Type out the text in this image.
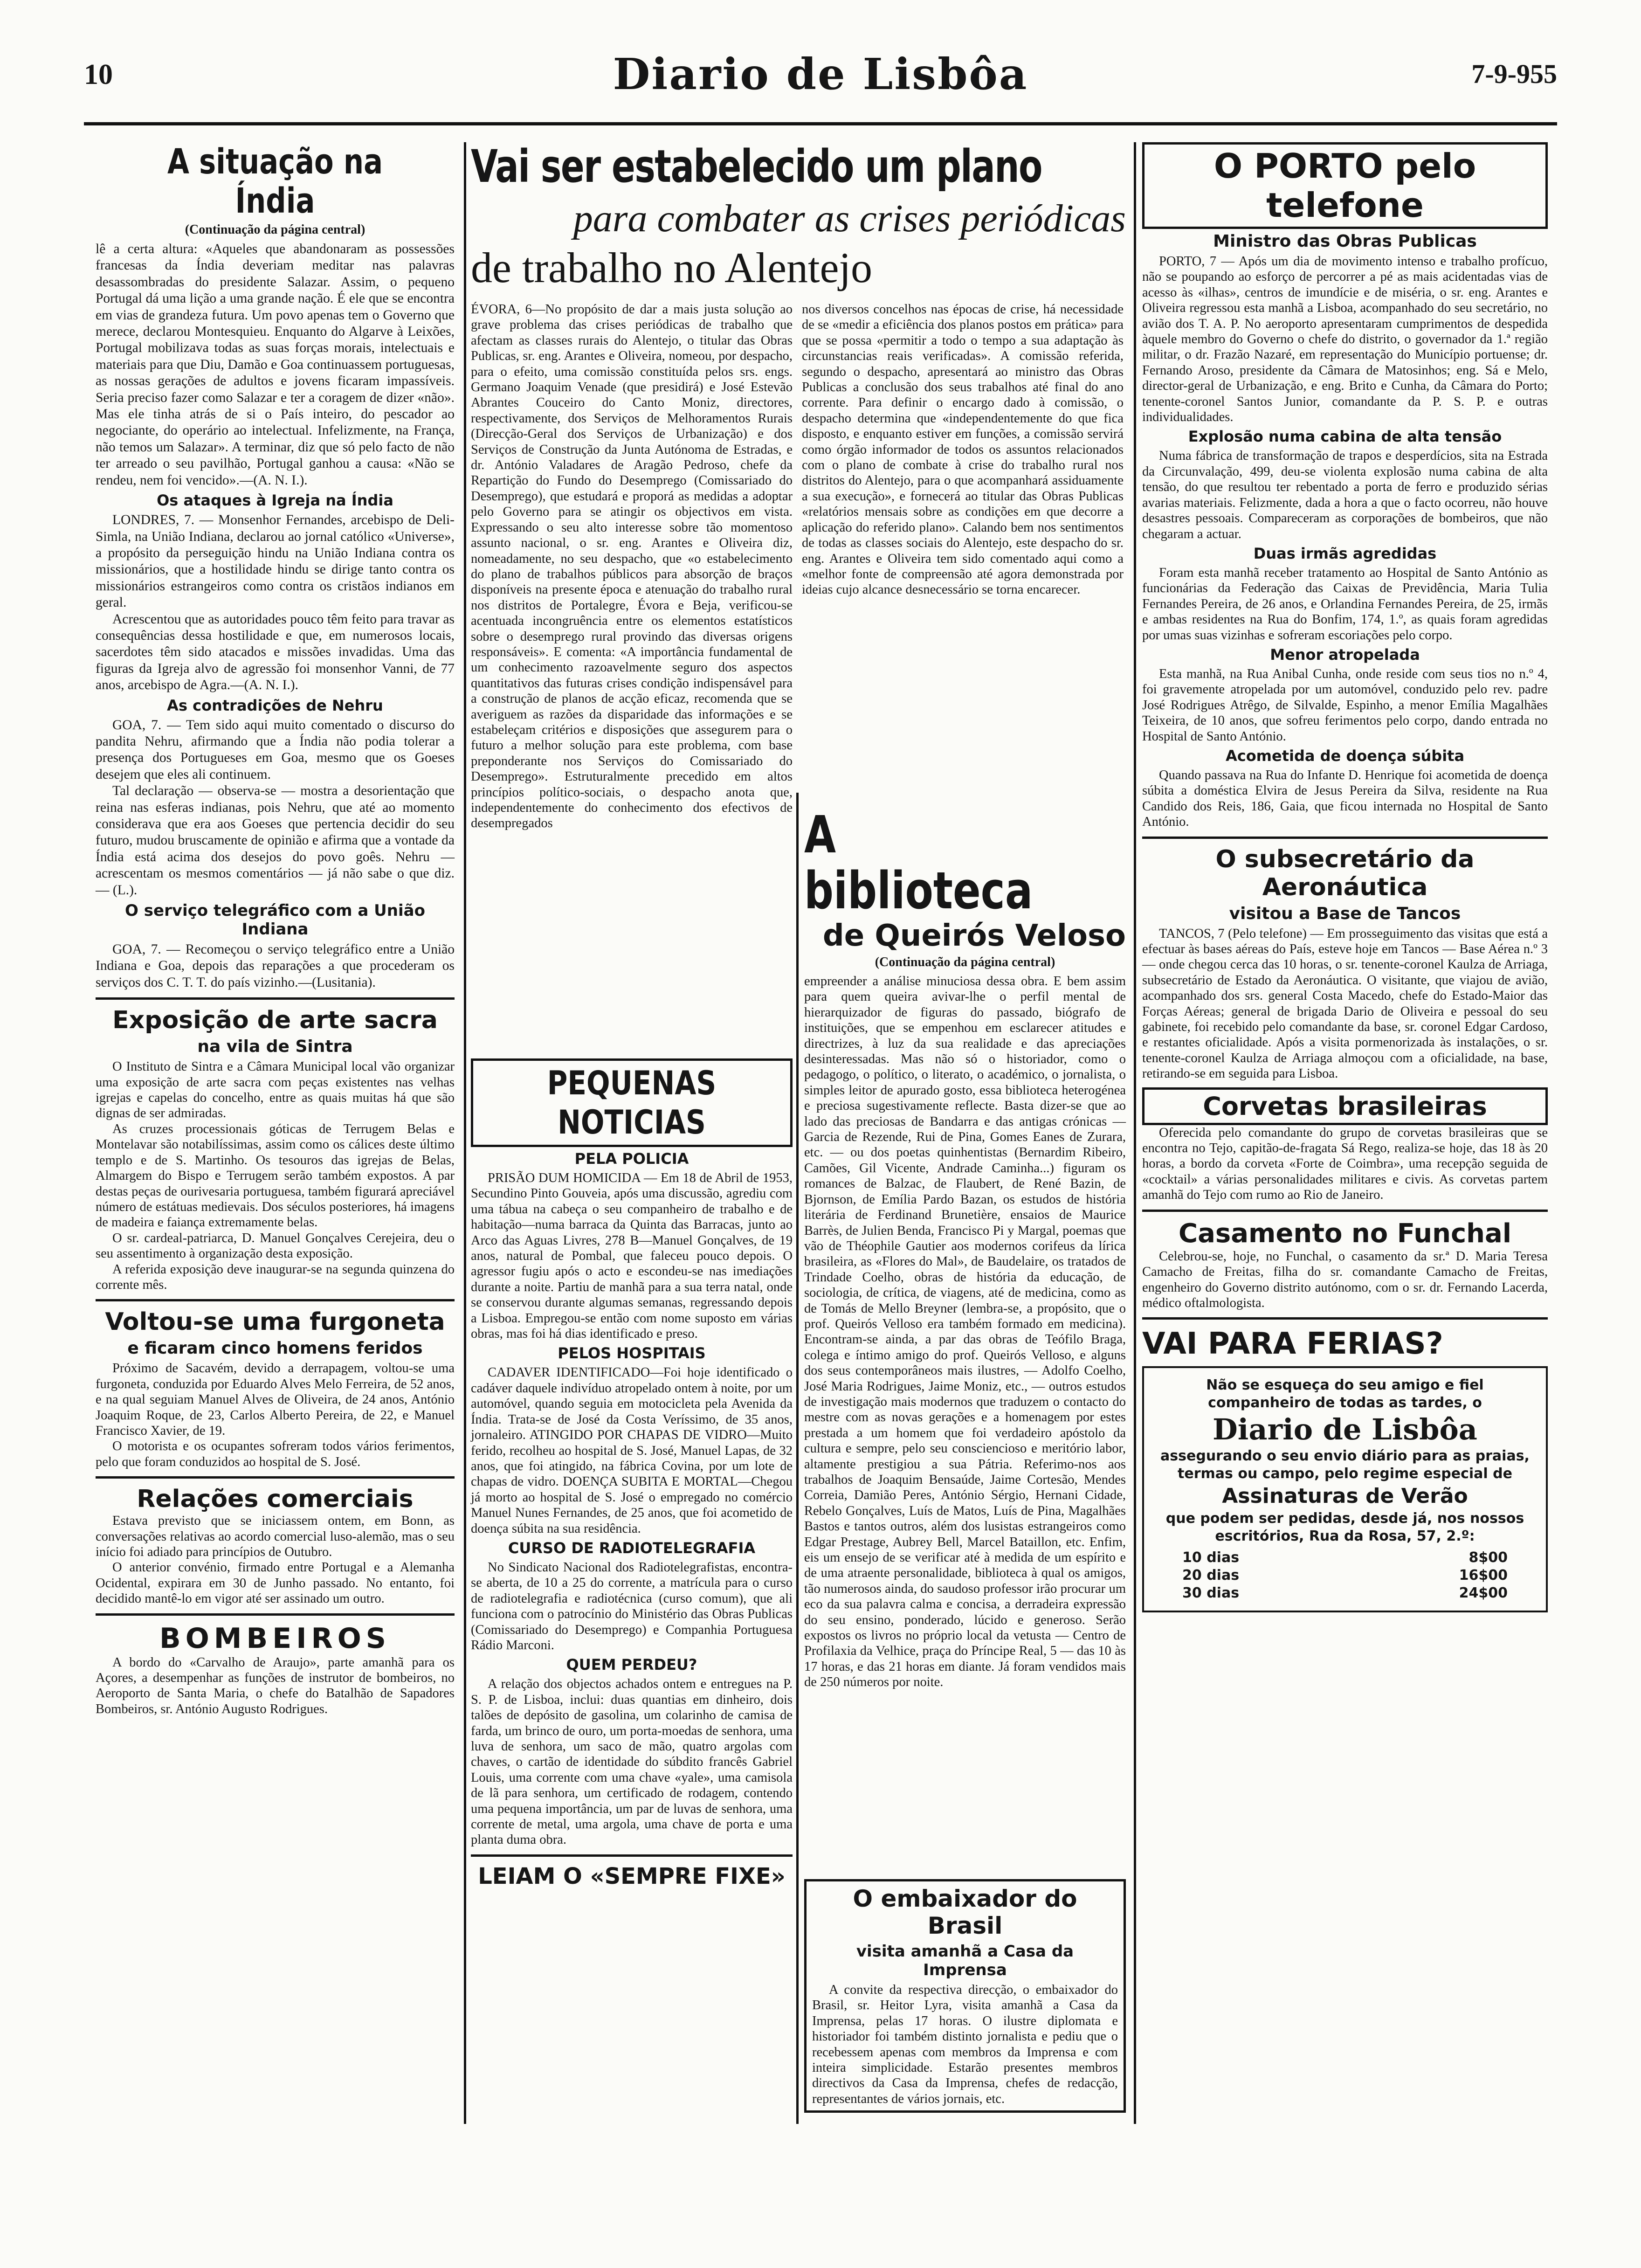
10	Diario de Lisbôa	7-9-955
A situação na Índia
(Continuação da página central)

lê a certa altura: «Aqueles que abandonaram as possessões francesas da Índia deveriam meditar nas palavras desassombradas do presidente Salazar. Assim, o pequeno Portugal dá uma lição a uma grande nação. É ele que se encontra em vias de grandeza futura. Um povo apenas tem o Governo que merece, declarou Montesquieu. Enquanto do Algarve à Leixões, Portugal mobilizava todas as suas forças morais, intelectuais e materiais para que Diu, Damão e Goa continuassem portuguesas, as nossas gerações de adultos e jovens ficaram impassíveis. Seria preciso fazer como Salazar e ter a coragem de dizer «não». Mas ele tinha atrás de si o País inteiro, do pescador ao negociante, do operário ao intelectual. Infelizmente, na França, não temos um Salazar». A terminar, diz que só pelo facto de não ter arreado o seu pavilhão, Portugal ganhou a causa: «Não se rendeu, nem foi vencido».—(A. N. I.).

Os ataques à Igreja na Índia

LONDRES, 7. — Monsenhor Fernandes, arcebispo de Deli-Simla, na União Indiana, declarou ao jornal católico «Universe», a propósito da perseguição hindu na União Indiana contra os missionários, que a hostilidade hindu se dirige tanto contra os missionários estrangeiros como contra os cristãos indianos em geral.

Acrescentou que as autoridades pouco têm feito para travar as consequências dessa hostilidade e que, em numerosos locais, sacerdotes têm sido atacados e missões invadidas. Uma das figuras da Igreja alvo de agressão foi monsenhor Vanni, de 77 anos, arcebispo de Agra.—(A. N. I.).

As contradições de Nehru

GOA, 7. — Tem sido aqui muito comentado o discurso do pandita Nehru, afirmando que a Índia não podia tolerar a presença dos Portugueses em Goa, mesmo que os Goeses desejem que eles ali continuem.

Tal declaração — observa-se — mostra a desorientação que reina nas esferas indianas, pois Nehru, que até ao momento considerava que era aos Goeses que pertencia decidir do seu futuro, mudou bruscamente de opinião e afirma que a vontade da Índia está acima dos desejos do povo goês. Nehru — acrescentam os mesmos comentários — já não sabe o que diz. — (L.).

O serviço telegráfico com a União Indiana

GOA, 7. — Recomeçou o serviço telegráfico entre a União Indiana e Goa, depois das reparações a que procederam os serviços dos C. T. T. do país vizinho.—(Lusitania).

Exposição de arte sacra
na vila de Sintra

O Instituto de Sintra e a Câmara Municipal local vão organizar uma exposição de arte sacra com peças existentes nas velhas igrejas e capelas do concelho, entre as quais muitas há que são dignas de ser admiradas.

As cruzes processionais góticas de Terrugem Belas e Montelavar são notabilíssimas, assim como os cálices deste último templo e de S. Martinho. Os tesouros das igrejas de Belas, Almargem do Bispo e Terrugem serão também expostos. A par destas peças de ourivesaria portuguesa, também figurará apreciável número de estátuas medievais. Dos séculos posteriores, há imagens de madeira e faiança extremamente belas.

O sr. cardeal-patriarca, D. Manuel Gonçalves Cerejeira, deu o seu assentimento à organização desta exposição.

A referida exposição deve inaugurar-se na segunda quinzena do corrente mês.

Voltou-se uma furgoneta
e ficaram cinco homens feridos

Próximo de Sacavém, devido a derrapagem, voltou-se uma furgoneta, conduzida por Eduardo Alves Melo Ferreira, de 52 anos, e na qual seguiam Manuel Alves de Oliveira, de 24 anos, António Joaquim Roque, de 23, Carlos Alberto Pereira, de 22, e Manuel Francisco Xavier, de 19.

O motorista e os ocupantes sofreram todos vários ferimentos, pelo que foram conduzidos ao hospital de S. José.

Relações comerciais

Estava previsto que se iniciassem ontem, em Bonn, as conversações relativas ao acordo comercial luso-alemão, mas o seu início foi adiado para princípios de Outubro.

O anterior convénio, firmado entre Portugal e a Alemanha Ocidental, expirara em 30 de Junho passado. No entanto, foi decidido mantê-lo em vigor até ser assinado um outro.

BOMBEIROS

A bordo do «Carvalho de Araujo», parte amanhã para os Açores, a desempenhar as funções de instrutor de bombeiros, no Aeroporto de Santa Maria, o chefe do Batalhão de Sapadores Bombeiros, sr. António Augusto Rodrigues.

Vai ser estabelecido um plano
para combater as crises periódicas
de trabalho no Alentejo

ÉVORA, 6—No propósito de dar a mais justa solução ao grave problema das crises periódicas de trabalho que afectam as classes rurais do Alentejo, o titular das Obras Publicas, sr. eng. Arantes e Oliveira, nomeou, por despacho, para o efeito, uma comissão constituída pelos srs. engs. Germano Joaquim Venade (que presidirá) e José Estevão Abrantes Couceiro do Canto Moniz, directores, respectivamente, dos Serviços de Melhoramentos Rurais (Direcção-Geral dos Serviços de Urbanização) e dos Serviços de Construção da Junta Autónoma de Estradas, e dr. António Valadares de Aragão Pedroso, chefe da Repartição do Fundo do Desemprego (Comissariado do Desemprego), que estudará e proporá as medidas a adoptar pelo Governo para se atingir os objectivos em vista. Expressando o seu alto interesse sobre tão momentoso assunto nacional, o sr. eng. Arantes e Oliveira diz, nomeadamente, no seu despacho, que «o estabelecimento do plano de trabalhos públicos para absorção de braços disponíveis na presente época e atenuação do trabalho rural nos distritos de Portalegre, Évora e Beja, verificou-se acentuada incongruência entre os elementos estatísticos sobre o desemprego rural provindo das diversas origens responsáveis». E comenta: «A importância fundamental de um conhecimento razoavelmente seguro dos aspectos quantitativos das futuras crises condição indispensável para a construção de planos de acção eficaz, recomenda que se averiguem as razões da disparidade das informações e se estabeleçam critérios e disposições que assegurem para o futuro a melhor solução para este problema, com base preponderante nos Serviços do Comissariado do Desemprego». Estruturalmente precedido em altos princípios político-sociais, o despacho anota que, independentemente do conhecimento dos efectivos de desempregados

nos diversos concelhos nas épocas de crise, há necessidade de se «medir a eficiência dos planos postos em prática» para que se possa «permitir a todo o tempo a sua adaptação às circunstancias reais verificadas». A comissão referida, segundo o despacho, apresentará ao ministro das Obras Publicas a conclusão dos seus trabalhos até final do ano corrente. Para definir o encargo dado à comissão, o despacho determina que «independentemente do que fica disposto, e enquanto estiver em funções, a comissão servirá como órgão informador de todos os assuntos relacionados com o plano de combate à crise do trabalho rural nos distritos do Alentejo, para o que acompanhará assiduamente a sua execução», e fornecerá ao titular das Obras Publicas «relatórios mensais sobre as condições em que decorre a aplicação do referido plano». Calando bem nos sentimentos de todas as classes sociais do Alentejo, este despacho do sr. eng. Arantes e Oliveira tem sido comentado aqui como a «melhor fonte de compreensão até agora demonstrada por ideias cujo alcance desnecessário se torna encarecer.

PEQUENAS NOTICIAS
PELA POLICIA

PRISÃO DUM HOMICIDA — Em 18 de Abril de 1953, Secundino Pinto Gouveia, após uma discussão, agrediu com uma tábua na cabeça o seu companheiro de trabalho e de habitação—numa barraca da Quinta das Barracas, junto ao Arco das Aguas Livres, 278 B—Manuel Gonçalves, de 19 anos, natural de Pombal, que faleceu pouco depois. O agressor fugiu após o acto e escondeu-se nas imediações durante a noite. Partiu de manhã para a sua terra natal, onde se conservou durante algumas semanas, regressando depois a Lisboa. Empregou-se então com nome suposto em várias obras, mas foi há dias identificado e preso.

PELOS HOSPITAIS

CADAVER IDENTIFICADO—Foi hoje identificado o cadáver daquele indivíduo atropelado ontem à noite, por um automóvel, quando seguia em motocicleta pela Avenida da Índia. Trata-se de José da Costa Veríssimo, de 35 anos, jornaleiro. ATINGIDO POR CHAPAS DE VIDRO—Muito ferido, recolheu ao hospital de S. José, Manuel Lapas, de 32 anos, que foi atingido, na fábrica Covina, por um lote de chapas de vidro. DOENÇA SUBITA E MORTAL—Chegou já morto ao hospital de S. José o empregado no comércio Manuel Nunes Fernandes, de 25 anos, que foi acometido de doença súbita na sua residência.

CURSO DE RADIOTELEGRAFIA

No Sindicato Nacional dos Radiotelegrafistas, encontra-se aberta, de 10 a 25 do corrente, a matrícula para o curso de radiotelegrafia e radiotécnica (curso comum), que ali funciona com o patrocínio do Ministério das Obras Publicas (Comissariado do Desemprego) e Companhia Portuguesa Rádio Marconi.

QUEM PERDEU?

A relação dos objectos achados ontem e entregues na P. S. P. de Lisboa, inclui: duas quantias em dinheiro, dois talões de depósito de gasolina, um colarinho de camisa de farda, um brinco de ouro, um porta-moedas de senhora, uma luva de senhora, um saco de mão, quatro argolas com chaves, o cartão de identidade do súbdito francês Gabriel Louis, uma corrente com uma chave «yale», uma camisola de lã para senhora, um certificado de rodagem, contendo uma pequena importância, um par de luvas de senhora, uma corrente de metal, uma argola, uma chave de porta e uma planta duma obra.

LEIAM O «SEMPRE FIXE»
A biblioteca
de Queirós Veloso
(Continuação da página central)

empreender a análise minuciosa dessa obra. E bem assim para quem queira avivar-lhe o perfil mental de hierarquizador de figuras do passado, biógrafo de instituições, que se empenhou em esclarecer atitudes e directrizes, à luz da sua realidade e das apreciações desinteressadas. Mas não só o historiador, como o pedagogo, o político, o literato, o académico, o jornalista, o simples leitor de apurado gosto, essa biblioteca heterogénea e preciosa sugestivamente reflecte. Basta dizer-se que ao lado das preciosas de Bandarra e das antigas crónicas — Garcia de Rezende, Rui de Pina, Gomes Eanes de Zurara, etc. — ou dos poetas quinhentistas (Bernardim Ribeiro, Camões, Gil Vicente, Andrade Caminha...) figuram os romances de Balzac, de Flaubert, de René Bazin, de Bjornson, de Emília Pardo Bazan, os estudos de história literária de Ferdinand Brunetière, ensaios de Maurice Barrès, de Julien Benda, Francisco Pi y Margal, poemas que vão de Théophile Gautier aos modernos corifeus da lírica brasileira, as «Flores do Mal», de Baudelaire, os tratados de Trindade Coelho, obras de história da educação, de sociologia, de crítica, de viagens, até de medicina, como as de Tomás de Mello Breyner (lembra-se, a propósito, que o prof. Queirós Velloso era também formado em medicina). Encontram-se ainda, a par das obras de Teófilo Braga, colega e íntimo amigo do prof. Queirós Velloso, e alguns dos seus contemporâneos mais ilustres, — Adolfo Coelho, José Maria Rodrigues, Jaime Moniz, etc., — outros estudos de investigação mais modernos que traduzem o contacto do mestre com as novas gerações e a homenagem por estes prestada a um homem que foi verdadeiro apóstolo da cultura e sempre, pelo seu consciencioso e meritório labor, altamente prestigiou a sua Pátria. Referimo-nos aos trabalhos de Joaquim Bensaúde, Jaime Cortesão, Mendes Correia, Damião Peres, António Sérgio, Hernani Cidade, Rebelo Gonçalves, Luís de Matos, Luís de Pina, Magalhães Bastos e tantos outros, além dos lusistas estrangeiros como Edgar Prestage, Aubrey Bell, Marcel Bataillon, etc. Enfim, eis um ensejo de se verificar até à medida de um espírito e de uma atraente personalidade, biblioteca à qual os amigos, tão numerosos ainda, do saudoso professor irão procurar um eco da sua palavra calma e concisa, a derradeira expressão do seu ensino, ponderado, lúcido e generoso. Serão expostos os livros no próprio local da vetusta — Centro de Profilaxia da Velhice, praça do Príncipe Real, 5 — das 10 às 17 horas, e das 21 horas em diante. Já foram vendidos mais de 250 números por noite.

O embaixador do Brasil
visita amanhã a Casa da Imprensa

A convite da respectiva direcção, o embaixador do Brasil, sr. Heitor Lyra, visita amanhã a Casa da Imprensa, pelas 17 horas. O ilustre diplomata e historiador foi também distinto jornalista e pediu que o recebessem apenas com membros da Imprensa e com inteira simplicidade. Estarão presentes membros directivos da Casa da Imprensa, chefes de redacção, representantes de vários jornais, etc.

O PORTO pelo telefone
Ministro das Obras Publicas

PORTO, 7 — Após um dia de movimento intenso e trabalho profícuo, não se poupando ao esforço de percorrer a pé as mais acidentadas vias de acesso às «ilhas», centros de imundície e de miséria, o sr. eng. Arantes e Oliveira regressou esta manhã a Lisboa, acompanhado do seu secretário, no avião dos T. A. P. No aeroporto apresentaram cumprimentos de despedida àquele membro do Governo o chefe do distrito, o governador da 1.ª região militar, o dr. Frazão Nazaré, em representação do Município portuense; dr. Fernando Aroso, presidente da Câmara de Matosinhos; eng. Sá e Melo, director-geral de Urbanização, e eng. Brito e Cunha, da Câmara do Porto; tenente-coronel Santos Junior, comandante da P. S. P. e outras individualidades.

Explosão numa cabina de alta tensão

Numa fábrica de transformação de trapos e desperdícios, sita na Estrada da Circunvalação, 499, deu-se violenta explosão numa cabina de alta tensão, do que resultou ter rebentado a porta de ferro e produzido sérias avarias materiais. Felizmente, dada a hora a que o facto ocorreu, não houve desastres pessoais. Compareceram as corporações de bombeiros, que não chegaram a actuar.

Duas irmãs agredidas

Foram esta manhã receber tratamento ao Hospital de Santo António as funcionárias da Federação das Caixas de Previdência, Maria Tulia Fernandes Pereira, de 26 anos, e Orlandina Fernandes Pereira, de 25, irmãs e ambas residentes na Rua do Bonfim, 174, 1.º, as quais foram agredidas por umas suas vizinhas e sofreram escoriações pelo corpo.

Menor atropelada

Esta manhã, na Rua Anibal Cunha, onde reside com seus tios no n.º 4, foi gravemente atropelada por um automóvel, conduzido pelo rev. padre José Rodrigues Atrêgo, de Silvalde, Espinho, a menor Emília Magalhães Teixeira, de 10 anos, que sofreu ferimentos pelo corpo, dando entrada no Hospital de Santo António.

Acometida de doença súbita

Quando passava na Rua do Infante D. Henrique foi acometida de doença súbita a doméstica Elvira de Jesus Pereira da Silva, residente na Rua Candido dos Reis, 186, Gaia, que ficou internada no Hospital de Santo António.

O subsecretário da Aeronáutica
visitou a Base de Tancos

TANCOS, 7 (Pelo telefone) — Em prosseguimento das visitas que está a efectuar às bases aéreas do País, esteve hoje em Tancos — Base Aérea n.º 3 — onde chegou cerca das 10 horas, o sr. tenente-coronel Kaulza de Arriaga, subsecretário de Estado da Aeronáutica. O visitante, que viajou de avião, acompanhado dos srs. general Costa Macedo, chefe do Estado-Maior das Forças Aéreas; general de brigada Dario de Oliveira e pessoal do seu gabinete, foi recebido pelo comandante da base, sr. coronel Edgar Cardoso, e restantes oficialidade. Após a visita pormenorizada às instalações, o sr. tenente-coronel Kaulza de Arriaga almoçou com a oficialidade, na base, retirando-se em seguida para Lisboa.

Corvetas brasileiras

Oferecida pelo comandante do grupo de corvetas brasileiras que se encontra no Tejo, capitão-de-fragata Sá Rego, realiza-se hoje, das 18 às 20 horas, a bordo da corveta «Forte de Coimbra», uma recepção seguida de «cocktail» a várias personalidades militares e civis. As corvetas partem amanhã do Tejo com rumo ao Rio de Janeiro.

Casamento no Funchal

Celebrou-se, hoje, no Funchal, o casamento da sr.ª D. Maria Teresa Camacho de Freitas, filha do sr. comandante Camacho de Freitas, engenheiro do Governo distrito autónomo, com o sr. dr. Fernando Lacerda, médico oftalmologista.

VAI PARA FERIAS?
Não se esqueça do seu amigo e fiel companheiro de todas as tardes, o
Diario de Lisbôa
assegurando o seu envio diário para as praias, termas ou campo, pelo regime especial de
Assinaturas de Verão
que podem ser pedidas, desde já, nos nossos escritórios, Rua da Rosa, 57, 2.º:
10 dias	8$00
20 dias	16$00
30 dias	24$00
